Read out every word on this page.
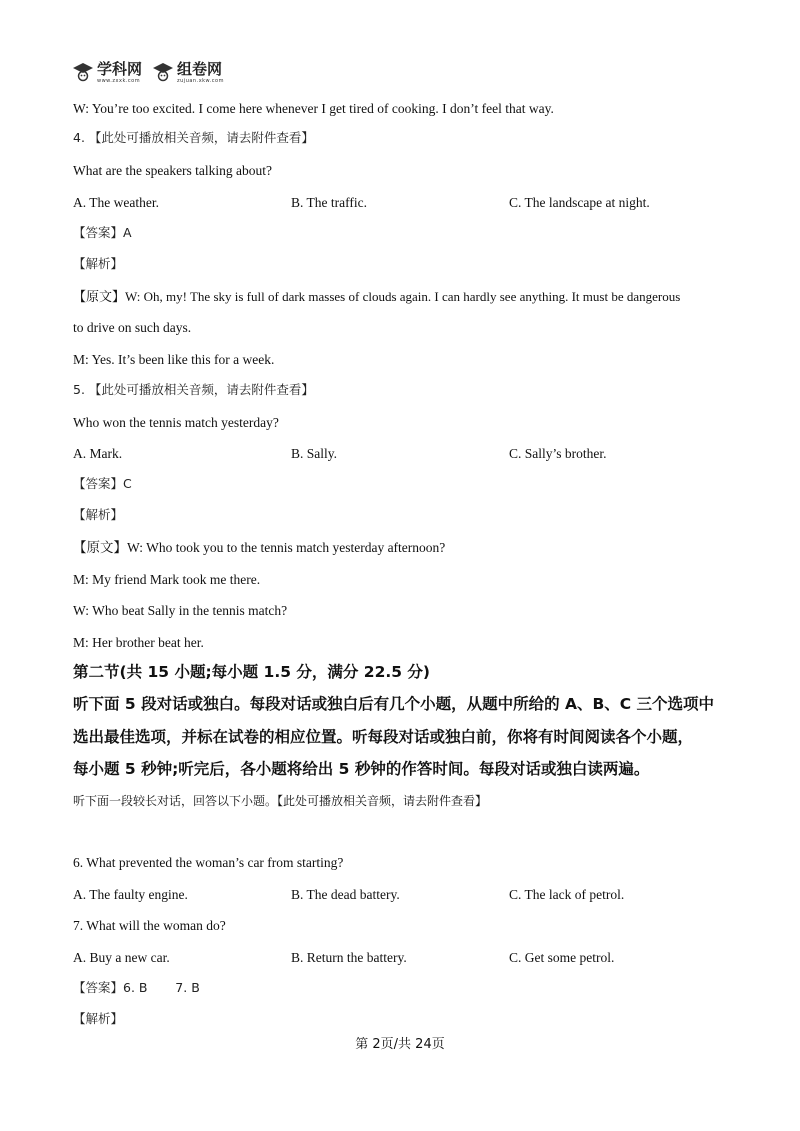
学科网
www.zxxk.com
组卷网
zujuan.xkw.com
W: You’re too excited. I come here whenever I get tired of cooking. I don’t feel that way.
4. 【此处可播放相关音频，请去附件查看】
What are the speakers talking about?
A. The weather.	B. The traffic.	C. The landscape at night.
【答案】A
【解析】
【原文】W: Oh, my! The sky is full of dark masses of clouds again. I can hardly see anything. It must be dangerous
to drive on such days.
M: Yes. It’s been like this for a week.
5. 【此处可播放相关音频，请去附件查看】
Who won the tennis match yesterday?
A. Mark.	B. Sally.	C. Sally’s brother.
【答案】C
【解析】
【原文】W: Who took you to the tennis match yesterday afternoon?
M: My friend Mark took me there.
W: Who beat Sally in the tennis match?
M: Her brother beat her.
第二节(共 15 小题;每小题 1.5 分，满分 22.5 分)
听下面 5 段对话或独白。每段对话或独白后有几个小题，从题中所给的 A、B、C 三个选项中
选出最佳选项，并标在试卷的相应位置。听每段对话或独白前，你将有时间阅读各个小题，
每小题 5 秒钟;听完后，各小题将给出 5 秒钟的作答时间。每段对话或独白读两遍。
听下面一段较长对话，回答以下小题。【此处可播放相关音频，请去附件查看】
6. What prevented the woman’s car from starting?
A. The faulty engine.	B. The dead battery.	C. The lack of petrol.
7. What will the woman do?
A. Buy a new car.	B. Return the battery.	C. Get some petrol.
【答案】6. B       7. B
【解析】
第 2页/共 24页
